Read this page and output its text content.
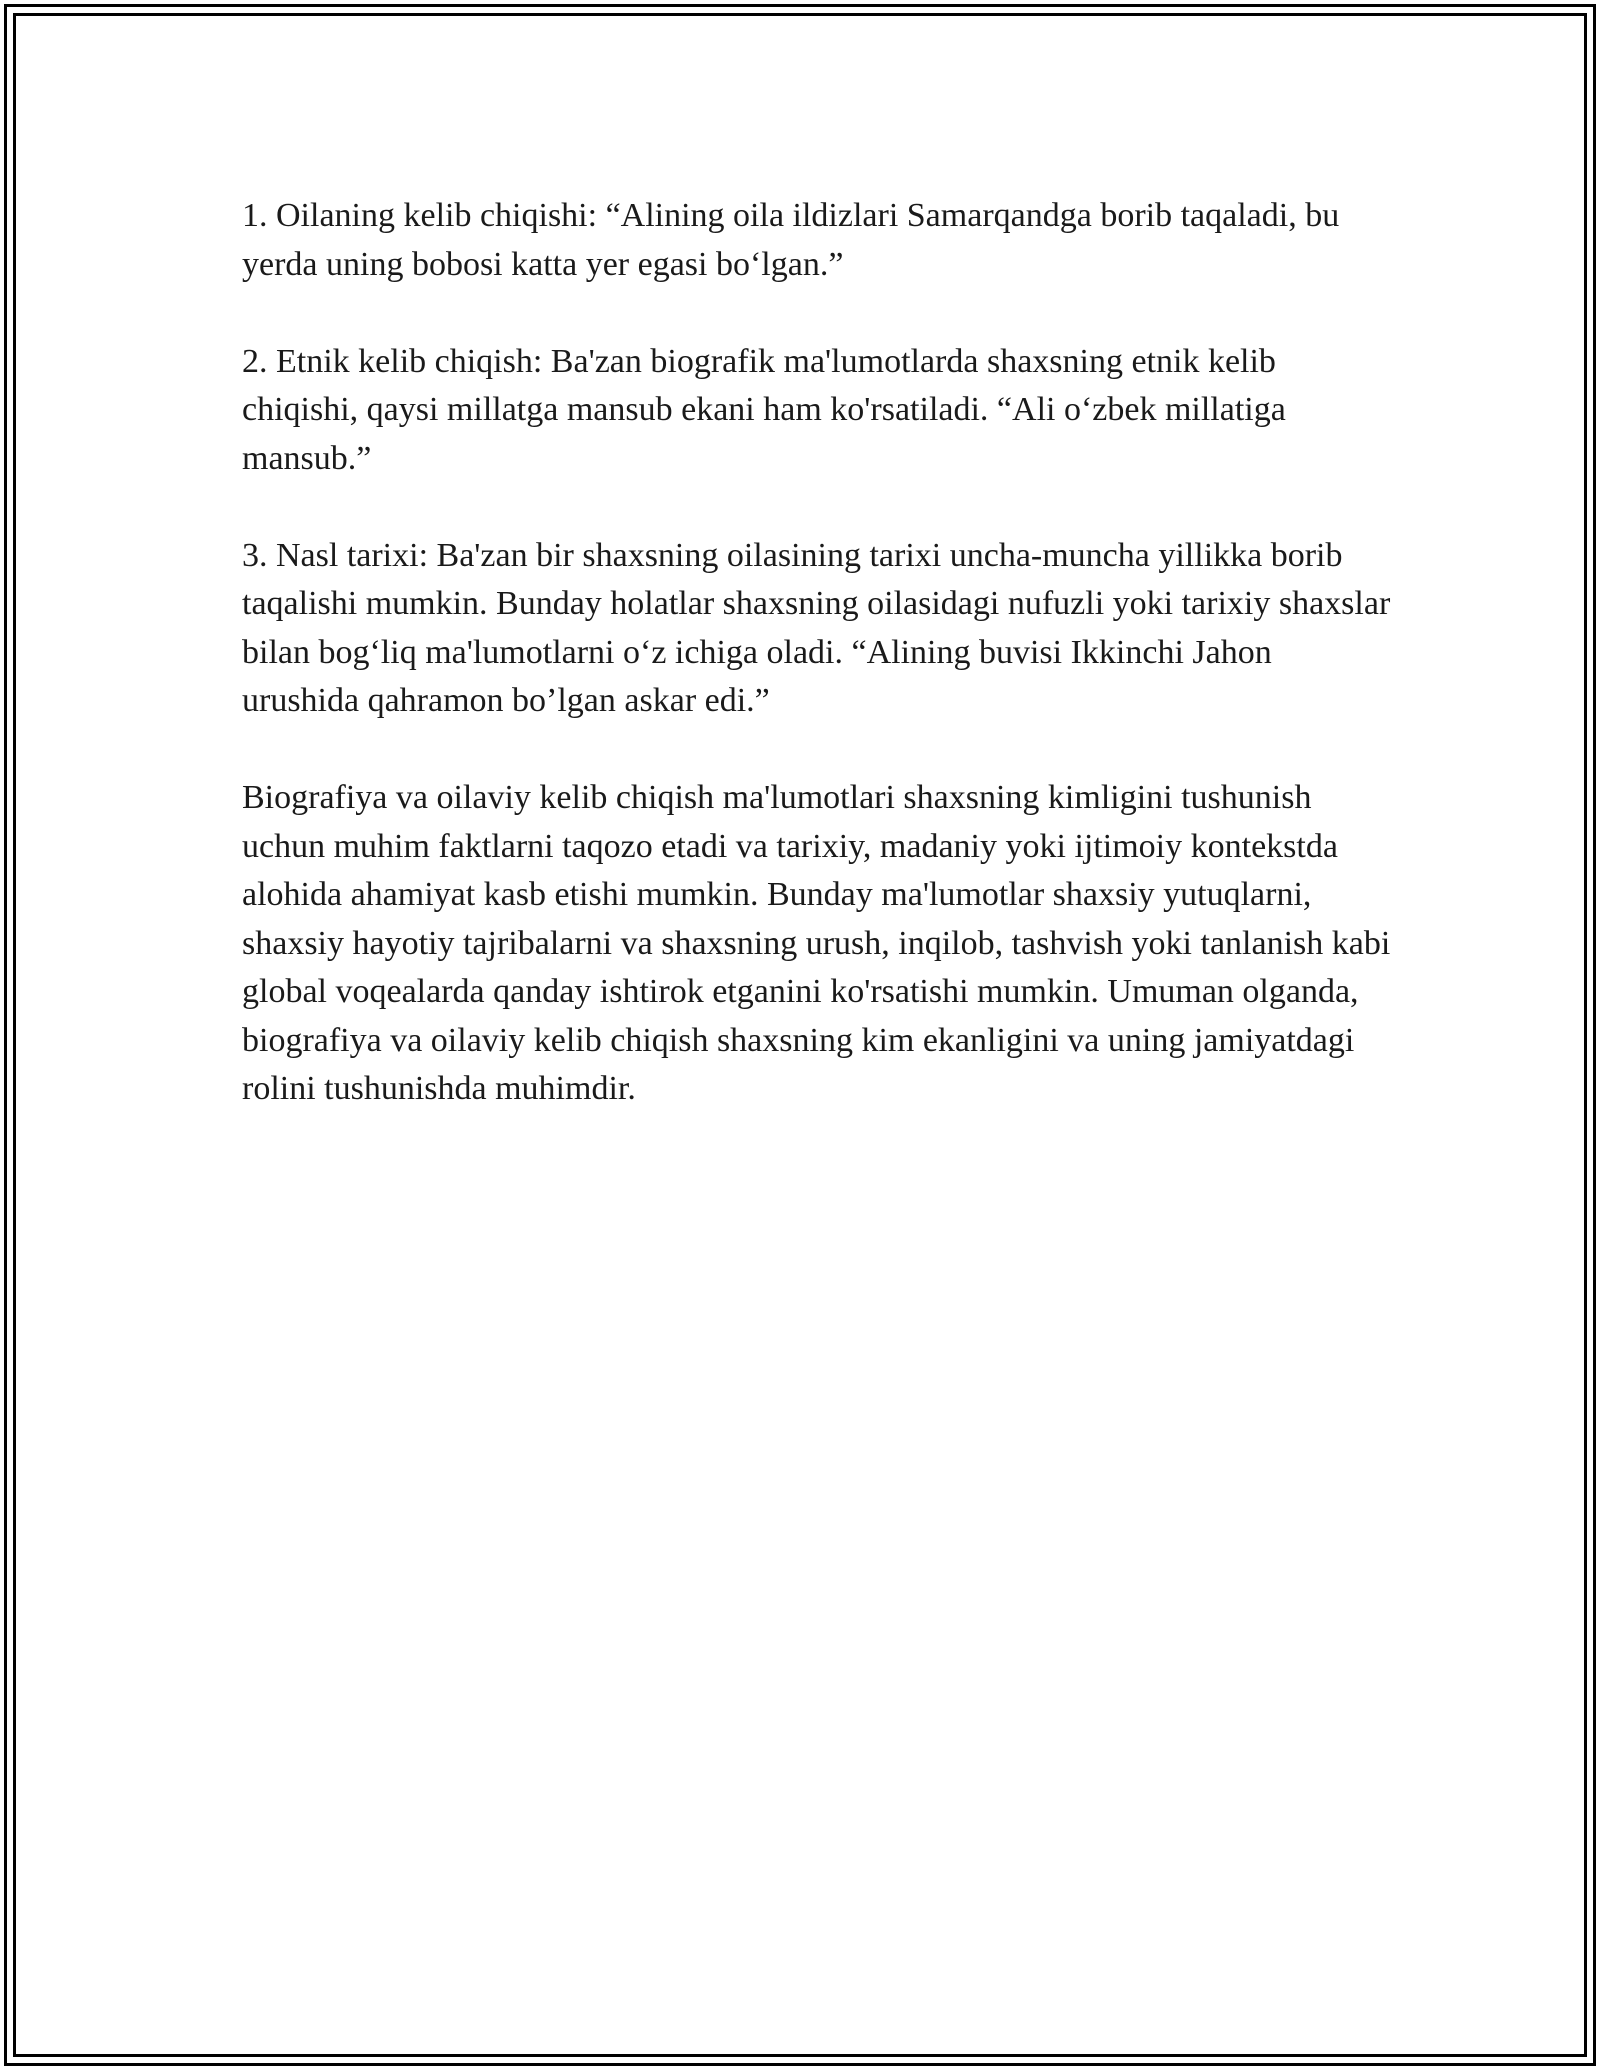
1. Oilaning kelib chiqishi: “Alining oila ildizlari Samarqandga borib taqaladi, bu yerda uning bobosi katta yer egasi bo‘lgan.”

2. Etnik kelib chiqish: Ba'zan biografik ma'lumotlarda shaxsning etnik kelib chiqishi, qaysi millatga mansub ekani ham ko'rsatiladi. “Ali o‘zbek millatiga mansub.”

3. Nasl tarixi: Ba'zan bir shaxsning oilasining tarixi uncha-muncha yillikka borib taqalishi mumkin. Bunday holatlar shaxsning oilasidagi nufuzli yoki tarixiy shaxslar bilan bog‘liq ma'lumotlarni o‘z ichiga oladi. “Alining buvisi Ikkinchi Jahon urushida qahramon bo’lgan askar edi.”

Biografiya va oilaviy kelib chiqish ma'lumotlari shaxsning kimligini tushunish uchun muhim faktlarni taqozo etadi va tarixiy, madaniy yoki ijtimoiy kontekstda alohida ahamiyat kasb etishi mumkin. Bunday ma'lumotlar shaxsiy yutuqlarni, shaxsiy hayotiy tajribalarni va shaxsning urush, inqilob, tashvish yoki tanlanish kabi global voqealarda qanday ishtirok etganini ko'rsatishi mumkin. Umuman olganda, biografiya va oilaviy kelib chiqish shaxsning kim ekanligini va uning jamiyatdagi rolini tushunishda muhimdir.
